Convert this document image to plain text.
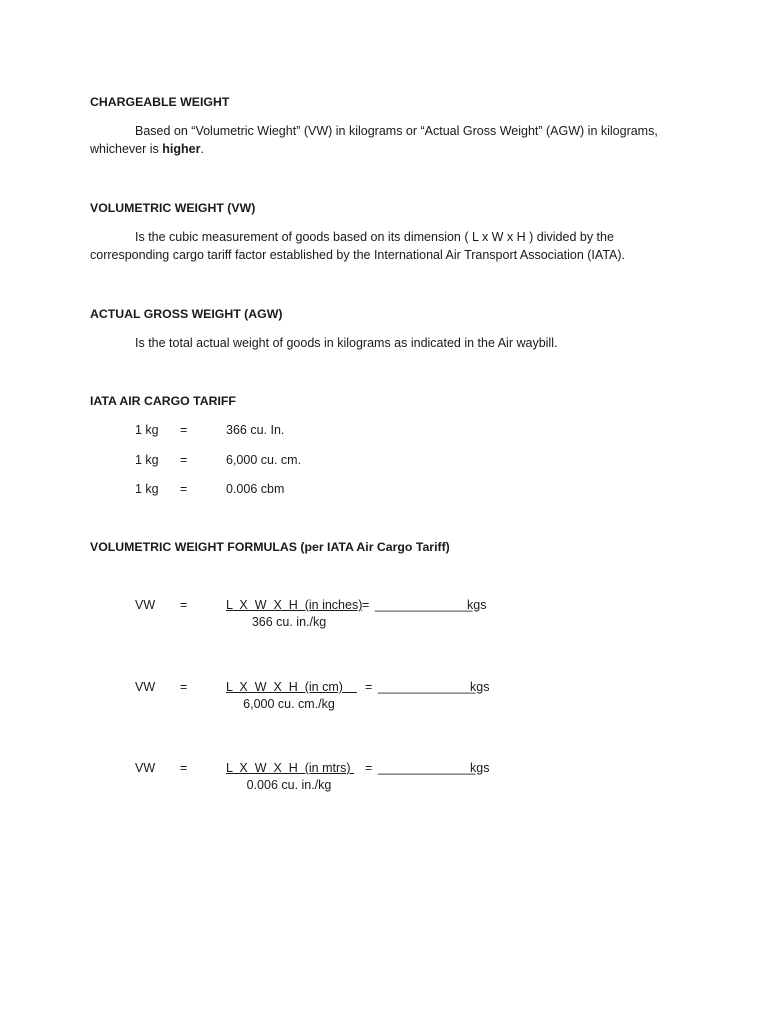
CHARGEABLE WEIGHT
Based on “Volumetric Wieght” (VW) in kilograms or “Actual Gross Weight” (AGW) in kilograms, whichever is higher.
VOLUMETRIC WEIGHT (VW)
Is the cubic measurement of goods based on its dimension ( L x W x H ) divided by the corresponding cargo tariff factor established by the International Air Transport Association (IATA).
ACTUAL GROSS WEIGHT (AGW)
Is the total actual weight of goods in kilograms as indicated in the Air waybill.
IATA AIR CARGO TARIFF
1 kg =	366 cu. In.
1 kg =	6,000 cu. cm.
1 kg =	0.006 cbm
VOLUMETRIC WEIGHT FORMULAS (per IATA Air Cargo Tariff)
VW =	L  X  W  X  H  (in inches) = ______________
kgs
366 cu. in./kg
VW =	L  X  W  X  H  (in cm) = ______________
kgs
6,000 cu. cm./kg
VW =	L  X  W  X  H  (in mtrs) = ______________
kgs
0.006 cu. in./kg
